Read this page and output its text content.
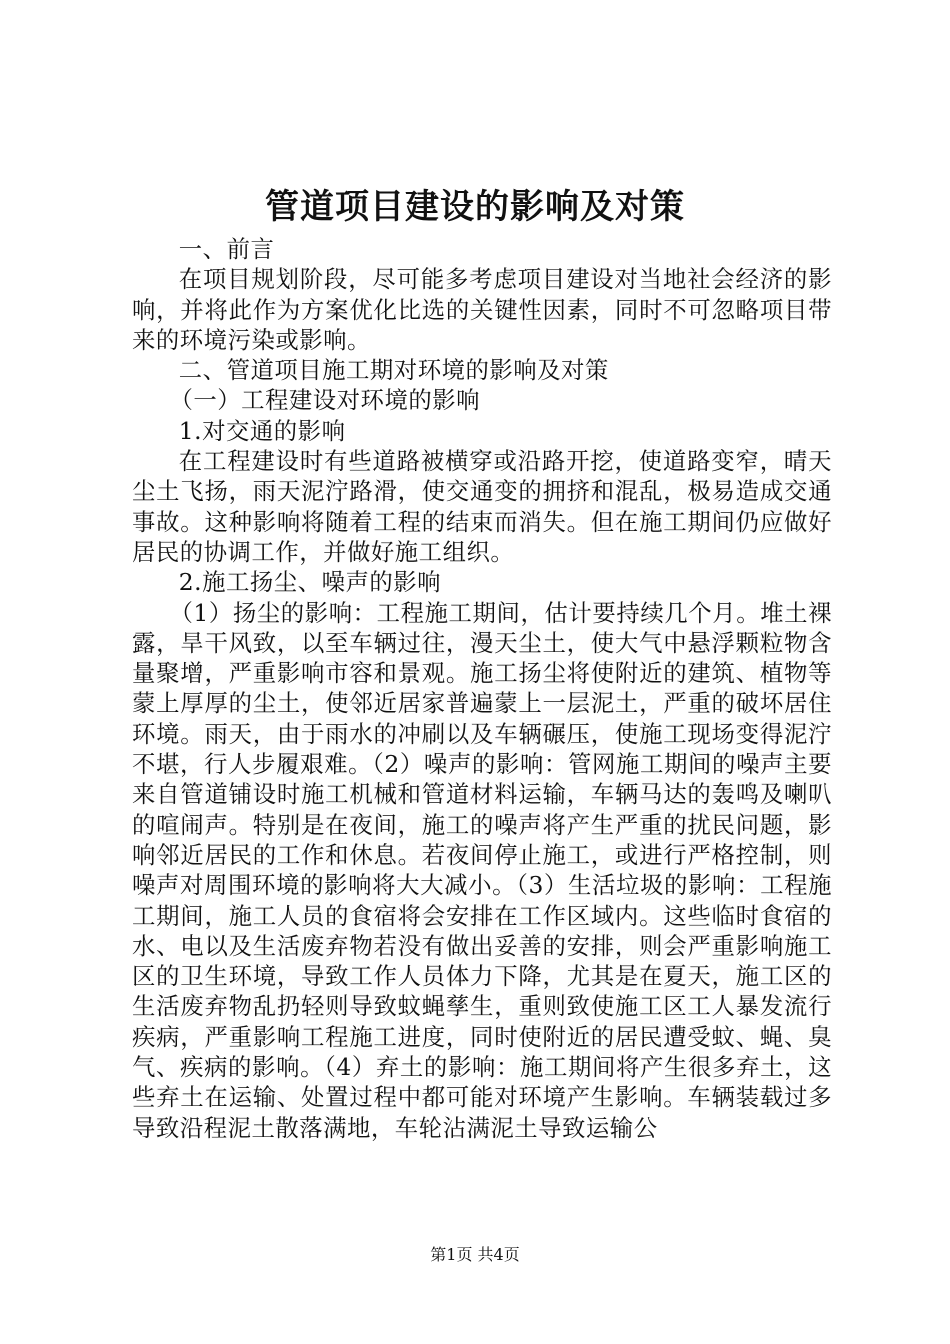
管道项目建设的影响及对策

一、前言

在项目规划阶段，尽可能多考虑项目建设对当地社会经济的影响，并将此作为方案优化比选的关键性因素，同时不可忽略项目带来的环境污染或影响。

二、管道项目施工期对环境的影响及对策

（一）工程建设对环境的影响

1.对交通的影响

在工程建设时有些道路被横穿或沿路开挖，使道路变窄，晴天尘土飞扬，雨天泥泞路滑，使交通变的拥挤和混乱，极易造成交通事故。这种影响将随着工程的结束而消失。但在施工期间仍应做好居民的协调工作，并做好施工组织。

2.施工扬尘、噪声的影响

（1）扬尘的影响：工程施工期间，估计要持续几个月。堆土裸露，旱干风致，以至车辆过往，漫天尘土，使大气中悬浮颗粒物含量聚增，严重影响市容和景观。施工扬尘将使附近的建筑、植物等蒙上厚厚的尘土，使邻近居家普遍蒙上一层泥土，严重的破坏居住环境。雨天，由于雨水的冲刷以及车辆碾压，使施工现场变得泥泞不堪，行人步履艰难。（2）噪声的影响：管网施工期间的噪声主要来自管道铺设时施工机械和管道材料运输，车辆马达的轰鸣及喇叭的喧闹声。特别是在夜间，施工的噪声将产生严重的扰民问题，影响邻近居民的工作和休息。若夜间停止施工，或进行严格控制，则噪声对周围环境的影响将大大减小。（3）生活垃圾的影响：工程施工期间，施工人员的食宿将会安排在工作区域内。这些临时食宿的水、电以及生活废弃物若没有做出妥善的安排，则会严重影响施工区的卫生环境，导致工作人员体力下降，尤其是在夏天，施工区的生活废弃物乱扔轻则导致蚊蝇孳生，重则致使施工区工人暴发流行疾病，严重影响工程施工进度，同时使附近的居民遭受蚊、蝇、臭气、疾病的影响。（4）弃土的影响：施工期间将产生很多弃土，这些弃土在运输、处置过程中都可能对环境产生影响。车辆装载过多导致沿程泥土散落满地，车轮沾满泥土导致运输公

第1页 共4页
